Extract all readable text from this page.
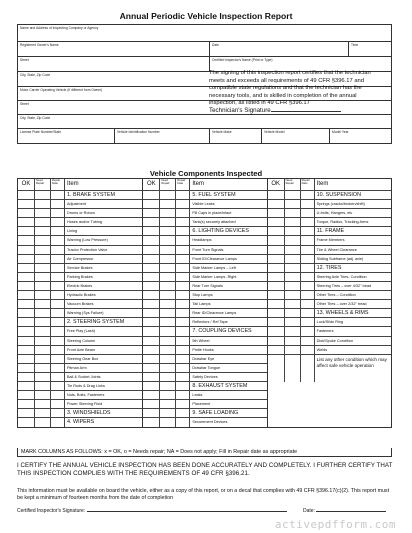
Annual Periodic Vehicle Inspection Report
Name and Address of Inspecting Company or Agency
Registered Owner's Name	Date	Time
Street	Certified Inspector's Name (Print or Type)
City, State, Zip Code
Motor Carrier Operating Vehicle (If different from Owner)
Street
City, State, Zip Code
License Plate Number/State	Vehicle Identification Number	Vehicle Make	Vehicle Model	Model Year
The signing of this inspection report certifies that the technician meets and exceeds all requirements of 49 CFR §396.17 and compatible state regulations and that the technician has the necessary tools, and is skilled in completion of the annual inspection, as listed in 49 CFR §396.17
Technician's Signature
Vehicle Components Inspected
OK
Need Repair
Repair Date	Item
1. BRAKE SYSTEM
Adjustment
Drums or Rotors
Hoses and/or Tubing
Lining
Warning (Low Pressure)
Tractor Protection Valve
Air Compressor
Service Brakes
Parking Brakes
Electric Brakes
Hydraulic Brakes
Vacuum Brakes
Warning (Sys Failure)
2. STEERING SYSTEM
Free Play (Lash)
Steering Column
Front Axle Beam
Steering Gear Box
Pitman Arm
Ball & Socket Joints
Tie Rods & Drag Links
Nuts, Bolts, Fasteners
Power Steering Fluid
3. WINDSHIELDS
4. WIPERS
OK
Need Repair
Repair Date	Item
5. FUEL SYSTEM
Visible Leaks
Fill Caps in place/intact
Tank(s) securely attached
6. LIGHTING DEVICES
Headlamps
Front Turn Signals
Front ID/Clearance Lamps
Side Marker Lamps – Left
Side Marker Lamps -Right
Rear Turn Signals
Stop Lamps
Tail Lamps
Rear ID/Clearance Lamps
Reflectors / Ref Tape
7. COUPLING DEVICES
5th Wheel
Pintle Hooks
Drawbar Eye
Drawbar Tongue
Safety Devices
8. EXHAUST SYSTEM
Leaks
Placement
9. SAFE LOADING
Securement Devices
OK
Need Repair
Repair Date	Item
10. SUSPENSION
Springs (cracks/broken/shift)
U-bolts, Hangers, etc
Torque, Radius, Tracking Arms
11. FRAME
Frame Members
Tire & Wheel Clearance
Sliding Subframe (adj. axle)
12. TIRES
Steering Axle Tires- Condition
Steering Tires – over 4/32" tread
Other Tires – Condition
Other Tires – over 2/32" tread
13. WHEELS & RIMS
Lock/Slide Ring
Fasteners
Disk/Spoke Condition
Welds
List any other condition which may affect safe vehicle operation
MARK COLUMNS AS FOLLOWS: x = OK, o = Needs repair; NA = Does not apply; Fill in Repair date as appropriate
I CERTIFY THE ANNUAL VEHICLE INSPECTION HAS BEEN DONE ACCURATELY AND COMPLETELY. I FURTHER CERTIFY THAT THIS INSPECTION COMPLIES WITH THE REQUIREMENTS OF 49 CFR §396.21.
This information must be available on board the vehicle, either as a copy of this report, or on a decal that complies with 49 CFR §396.17(c)(2). This report must be kept a minimum of fourteen months from the date of completion
Certified Inspector's Signature:	Date:
activepdfform.com
